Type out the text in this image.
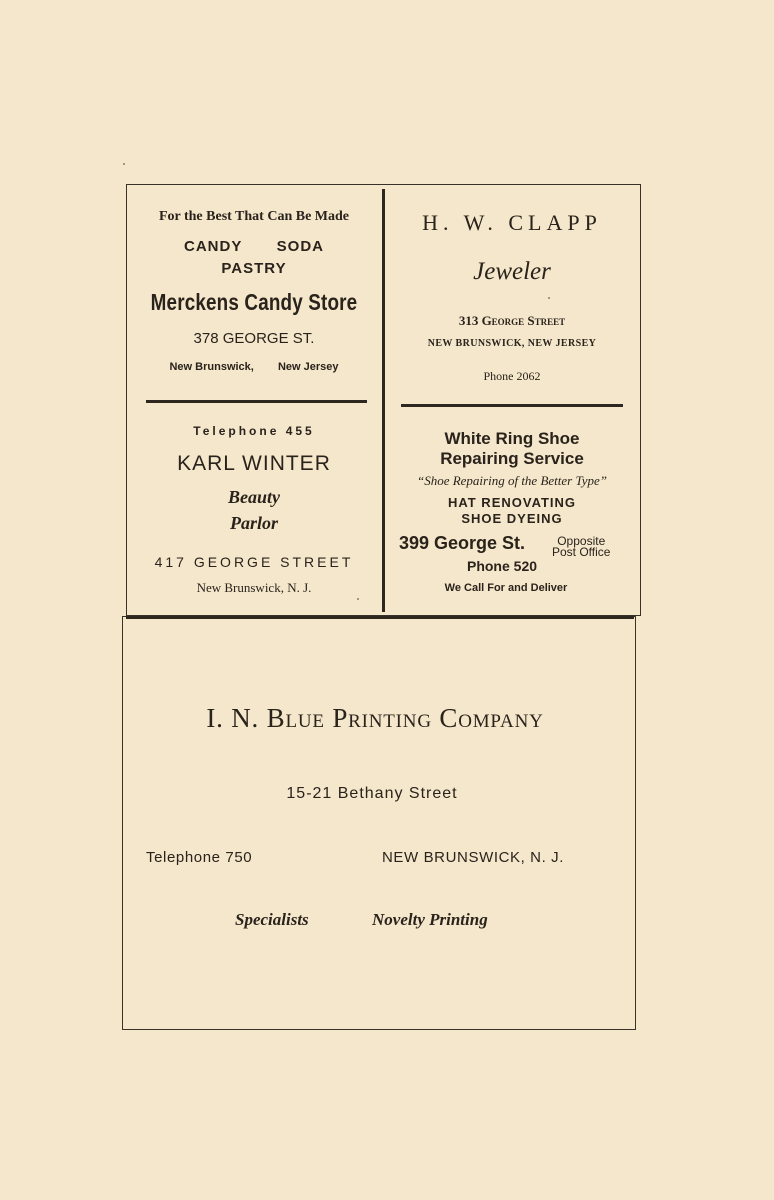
For the Best That Can Be Made
CANDY SODA
PASTRY
Merckens Candy Store
378 GEORGE ST.
New Brunswick, New Jersey
H. W. CLAPP
Jeweler
313 George Street
NEW BRUNSWICK, NEW JERSEY
Phone 2062
Telephone 455
KARL WINTER
Beauty
Parlor
417 GEORGE STREET
New Brunswick, N. J.
White Ring Shoe
Repairing Service
“Shoe Repairing of the Better Type”
HAT RENOVATING
SHOE DYEING
399 George St.	Opposite
Post Office
Phone 520
We Call For and Deliver
I. N. Blue Printing Company
15-21 Bethany Street
Telephone 750	NEW BRUNSWICK, N. J.
Specialists	Novelty Printing
